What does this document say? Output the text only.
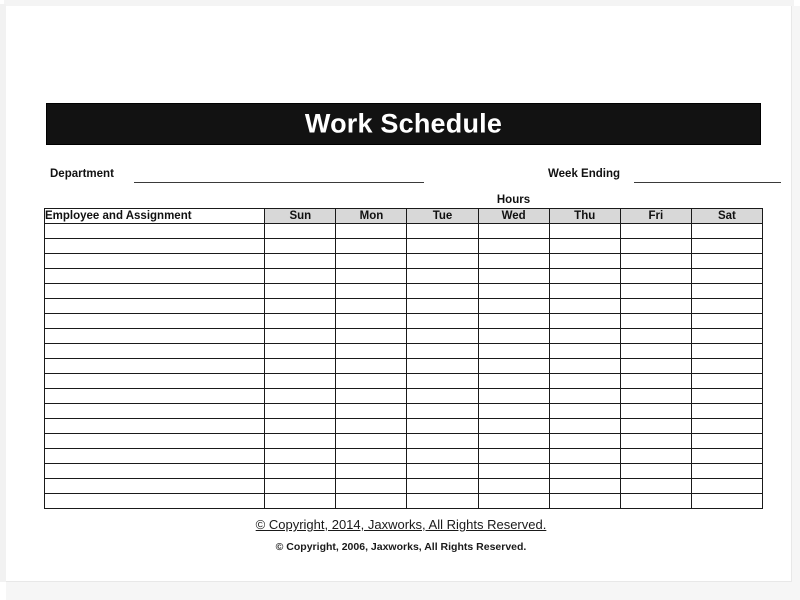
Work Schedule
Department	Week Ending
Hours
Employee and Assignment	Sun	Mon	Tue	Wed	Thu	Fri	Sat

© Copyright, 2014, Jaxworks, All Rights Reserved.
© Copyright, 2006, Jaxworks, All Rights Reserved.
